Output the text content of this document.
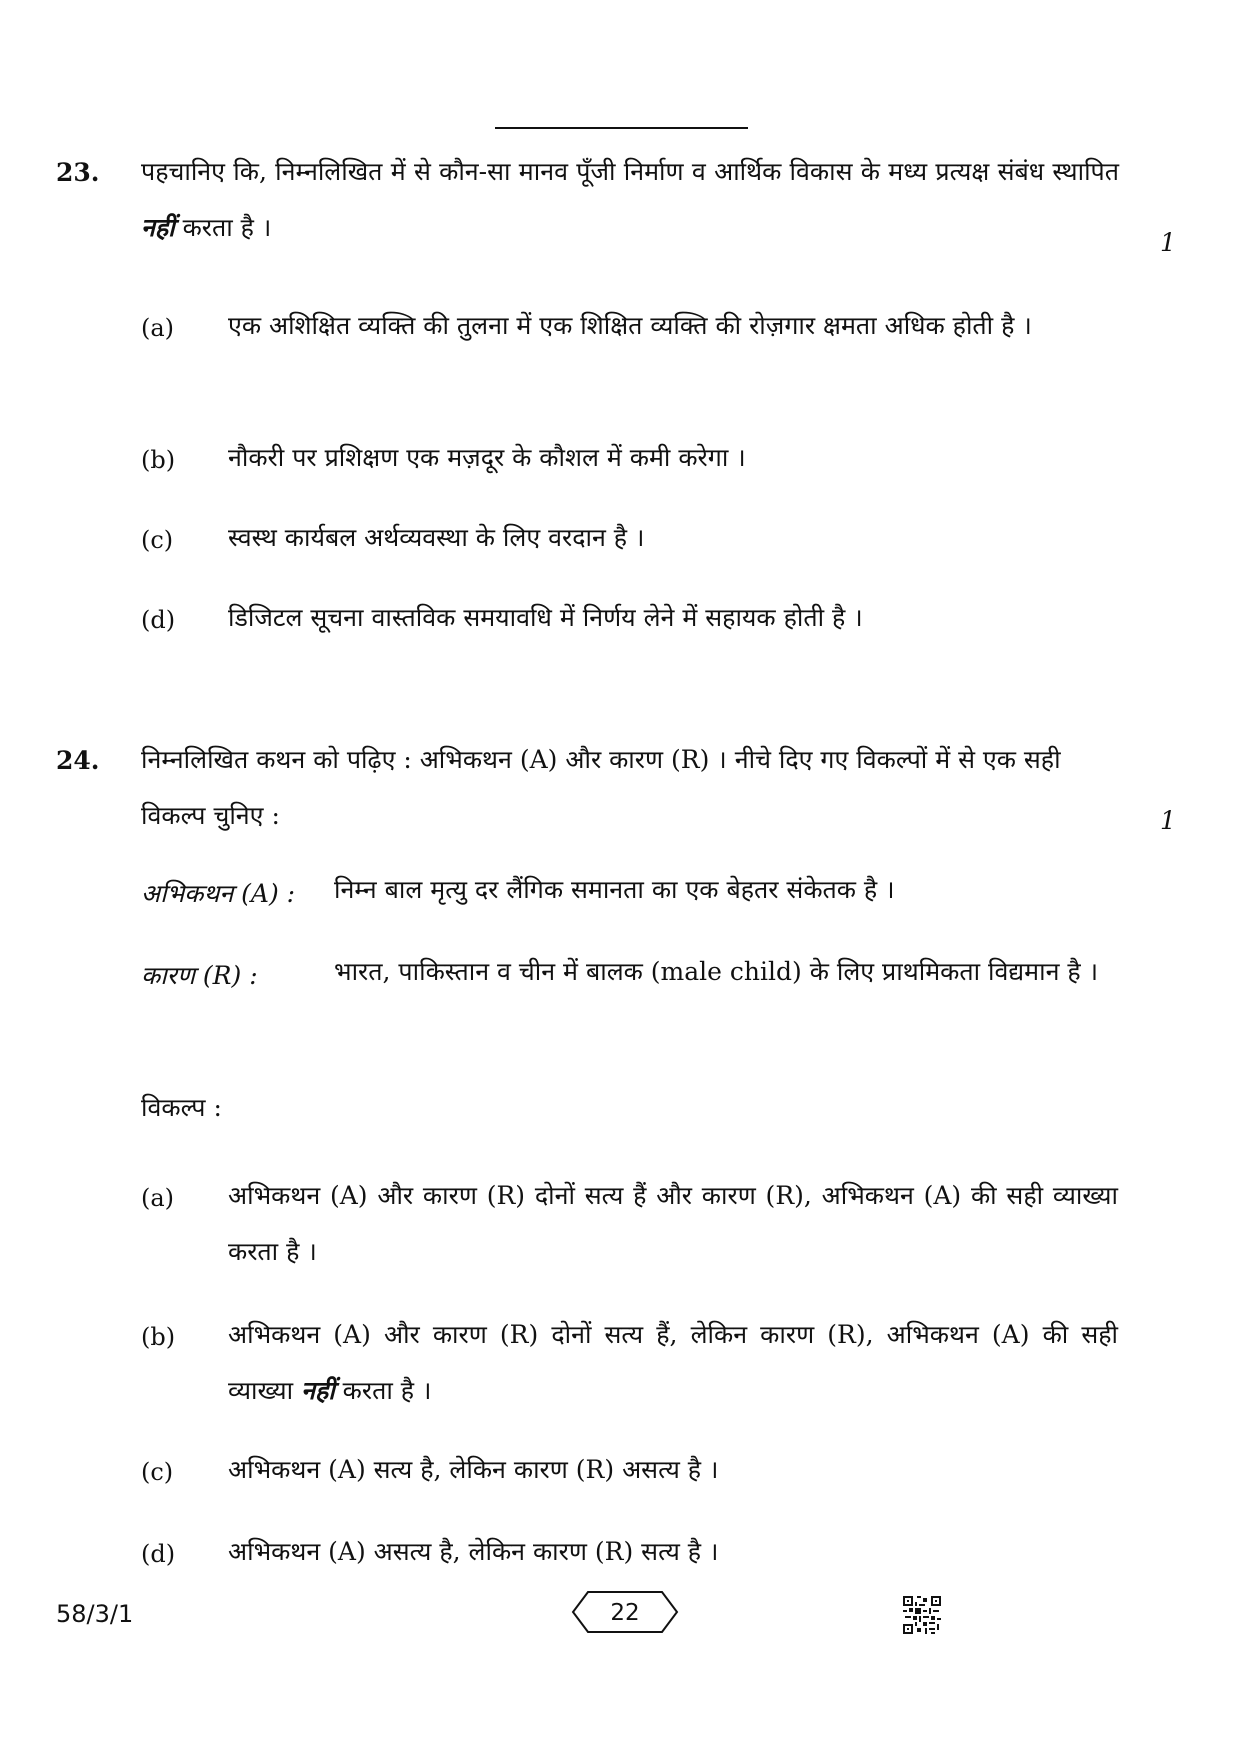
23. पहचानिए कि, निम्नलिखित में से कौन-सा मानव पूँजी निर्माण व आर्थिक विकास के मध्य प्रत्यक्ष संबंध स्थापित नहीं करता है ।
1
(a) एक अशिक्षित व्यक्ति की तुलना में एक शिक्षित व्यक्ति की रोज़गार क्षमता अधिक होती है ।
(b) नौकरी पर प्रशिक्षण एक मज़दूर के कौशल में कमी करेगा ।
(c) स्वस्थ कार्यबल अर्थव्यवस्था के लिए वरदान है ।
(d) डिजिटल सूचना वास्तविक समयावधि में निर्णय लेने में सहायक होती है ।
24. निम्नलिखित कथन को पढ़िए : अभिकथन (A) और कारण (R) । नीचे दिए गए विकल्पों में से एक सही विकल्प चुनिए :	1
अभिकथन (A) : निम्न बाल मृत्यु दर लैंगिक समानता का एक बेहतर संकेतक है ।
कारण (R) :	भारत, पाकिस्तान व चीन में बालक (male child) के लिए प्राथमिकता विद्यमान है ।
विकल्प :
(a) अभिकथन (A) और कारण (R) दोनों सत्य हैं और कारण (R), अभिकथन (A) की सही व्याख्या करता है ।
(b) अभिकथन (A) और कारण (R) दोनों सत्य हैं, लेकिन कारण (R), अभिकथन (A) की सही व्याख्या नहीं करता है ।
(c) अभिकथन (A) सत्य है, लेकिन कारण (R) असत्य है ।
(d) अभिकथन (A) असत्य है, लेकिन कारण (R) सत्य है ।
58/3/1	22
